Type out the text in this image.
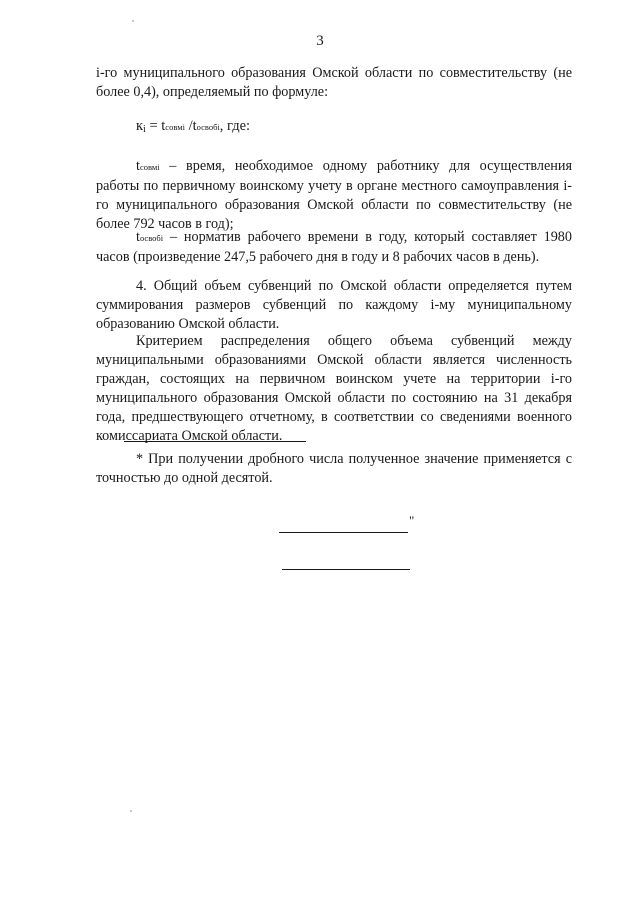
3
i-го муниципального образования Омской области по совместительству (не более 0,4), определяемый по формуле:
кi = tсовмi /tосвобi, где:
tсовмi – время, необходимое одному работнику для осуществления работы по первичному воинскому учету в органе местного самоуправления i-го муниципального образования Омской области по совместительству (не более 792 часов в год);
tосвобi – норматив рабочего времени в году, который составляет 1980 часов (произведение 247,5 рабочего дня в году и 8 рабочих часов в день).
4. Общий объем субвенций по Омской области определяется путем суммирования размеров субвенций по каждому i-му муниципальному образованию Омской области.
Критерием распределения общего объема субвенций между муниципальными образованиями Омской области является численность граждан, состоящих на первичном воинском учете на территории i-го муниципального образования Омской области по состоянию на 31 декабря года, предшествующего отчетному, в соответствии со сведениями военного комиссариата Омской области.
* При получении дробного числа полученное значение применяется с точностью до одной десятой.
"
